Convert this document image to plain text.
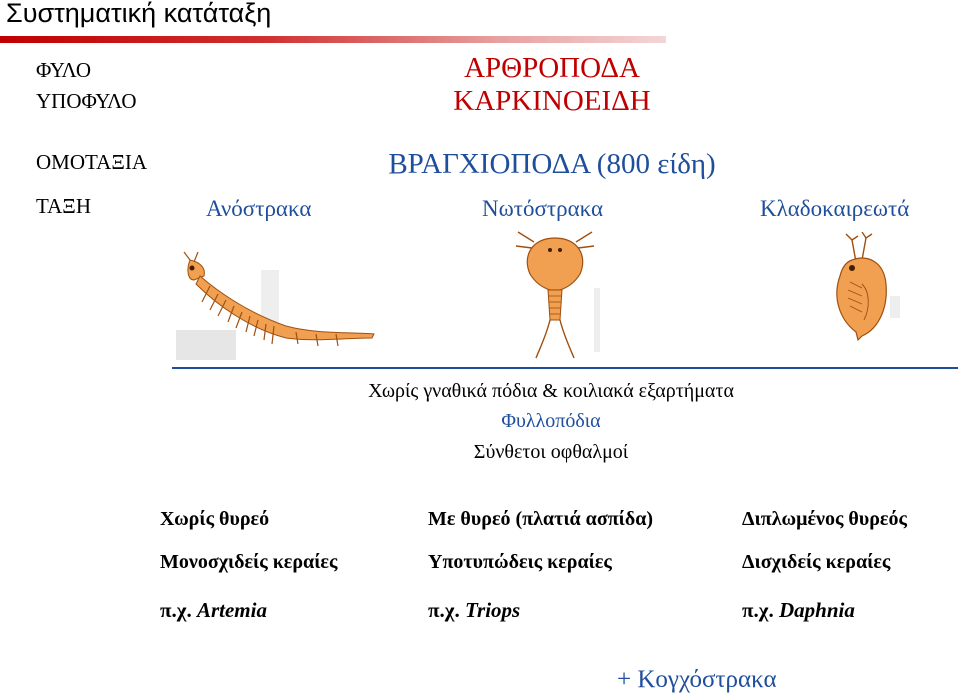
Συστηματική κατάταξη
ΦΥΛΟ
ΥΠΟΦΥΛΟ
ΟΜΟΤΑΞΙΑ
ΤΑΞΗ
ΑΡΘΡΟΠΟΔΑ
ΚΑΡΚΙΝΟΕΙΔΗ
ΒΡΑΓΧΙΟΠΟΔΑ (800 είδη)
Ανόστρακα	Νωτόστρακα	Κλαδοκαιρεωτά
Χωρίς γναθικά πόδια & κοιλιακά εξαρτήματα
Φυλλοπόδια
Σύνθετοι οφθαλμοί
Χωρίς θυρεό
Μονοσχιδείς κεραίες
π.χ. Artemia
Με θυρεό (πλατιά ασπίδα)
Υποτυπώδεις κεραίες
π.χ. Triops
Διπλωμένος θυρεός
Δισχιδείς κεραίες
π.χ. Daphnia
+ Κογχόστρακα
